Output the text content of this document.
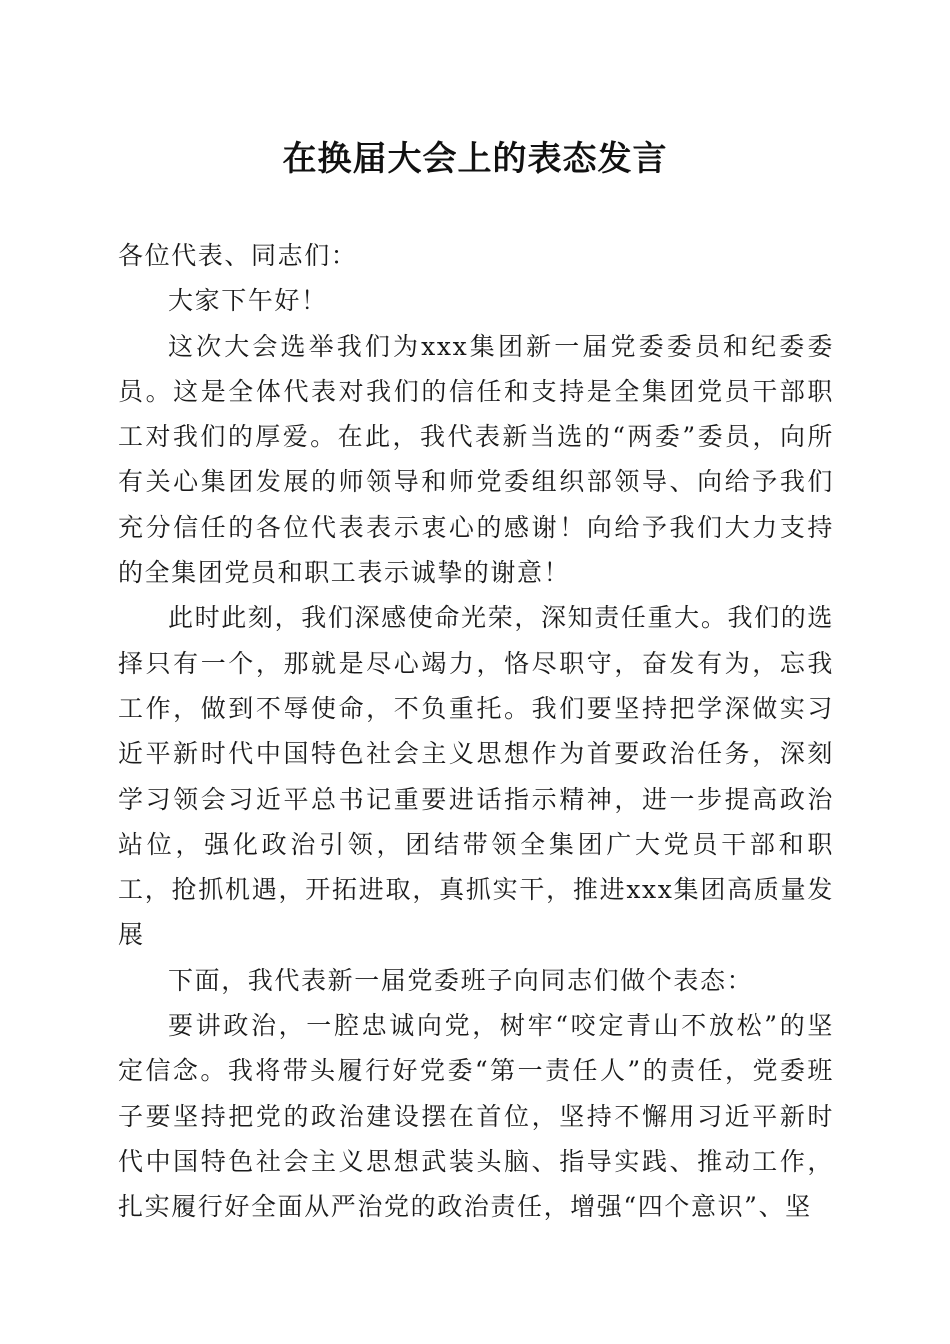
在换届大会上的表态发言

各位代表、同志们：

大家下午好！

这次大会选举我们为xxx集团新一届党委委员和纪委委员。这是全体代表对我们的信任和支持是全集团党员干部职工对我们的厚爱。在此，我代表新当选的“两委”委员，向所有关心集团发展的师领导和师党委组织部领导、向给予我们充分信任的各位代表表示衷心的感谢！向给予我们大力支持的全集团党员和职工表示诚挚的谢意！

此时此刻，我们深感使命光荣，深知责任重大。我们的选择只有一个，那就是尽心竭力，恪尽职守，奋发有为，忘我工作，做到不辱使命，不负重托。我们要坚持把学深做实习近平新时代中国特色社会主义思想作为首要政治任务，深刻学习领会习近平总书记重要进话指示精神，进一步提高政治站位，强化政治引领，团结带领全集团广大党员干部和职工，抢抓机遇，开拓进取，真抓实干，推进xxx集团高质量发展

下面，我代表新一届党委班子向同志们做个表态：

要讲政治，一腔忠诚向党，树牢“咬定青山不放松”的坚定信念。我将带头履行好党委“第一责任人”的责任，党委班子要坚持把党的政治建设摆在首位，坚持不懈用习近平新时代中国特色社会主义思想武装头脑、指导实践、推动工作，扎实履行好全面从严治党的政治责任，增强“四个意识”、坚
